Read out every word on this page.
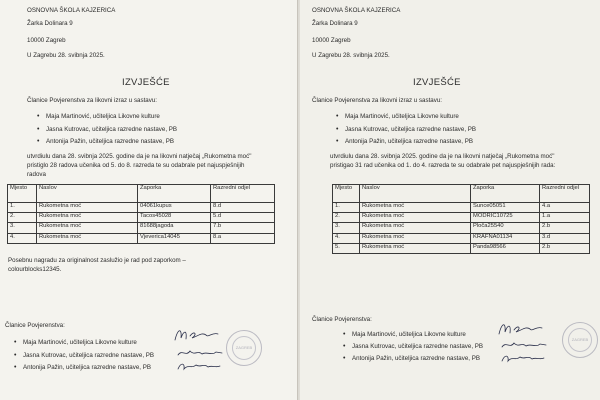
OSNOVNA ŠKOLA KAJZERICA
Žarka Dolinara 9
10000 Zagreb
U Zagrebu 28. svibnja 2025.
IZVJEŠĆE
Članice Povjerenstva za likovni izraz u sastavu:
• Maja Martinović, učiteljica Likovne kulture
• Jasna Kutrovac, učiteljica razredne nastave, PB
• Antonija Pažin, učiteljica razredne nastave, PB
utvrdiulu dana 28. svibnja 2025. godine da je na likovni natječaj „Rukometna moć" pristiglo 28 radova učenika od 5. do 8. razreda te su odabrale pet najuspješnijih radova
Mjesto	Naslov	Zaporka	Razredni odjel
1.	Rukometna moć	04061kupus	8.d
2.	Rukometna moć	Tacos45028	5.d
3.	Rukometna moć	81688jagoda	7.b
4.	Rukometna moć	Vjeverica14045	8.a
Posebnu nagradu za originalnost zaslužio je rad pod zaporkom – colourblocks12345.
Članice Povjerenstva:
• Maja Martinović, učiteljica Likovne kulture
• Jasna Kutrovac, učiteljica razredne nastave, PB
• Antonija Pažin, učiteljica razredne nastave, PB
ZAGREB
OSNOVNA ŠKOLA KAJZERICA
Žarka Dolinara 9
10000 Zagreb
U Zagrebu 28. svibnja 2025.
IZVJEŠĆE
Članice Povjerenstva za likovni izraz u sastavu:
• Maja Martinović, učiteljica Likovne kulture
• Jasna Kutrovac, učiteljica razredne nastave, PB
• Antonija Pažin, učiteljica razredne nastave, PB
utvrdiulu dana 28. svibnja 2025. godine da je na likovni natječaj „Rukometna moć" pristigao 31 rad učenika od 1. do 4. razreda te su odabrale pet najuspješnijih rada:
Mjesto	Naslov	Zaporka	Razredni odjel
1.	Rukometna moć	Sunce05051	4.a
2.	Rukometna moć	MODRIĆ10725	1.a
3.	Rukometna moć	Ploča25540	2.b
4.	Rukometna moć	KRAFNA01134	3.d
5.	Rukometna moć	Panda98566	2.b
Članice Povjerenstva:
• Maja Martinović, učiteljica Likovne kulture
• Jasna Kutrovac, učiteljica razredne nastave, PB
• Antonija Pažin, učiteljica razredne nastave, PB
ZAGREB
